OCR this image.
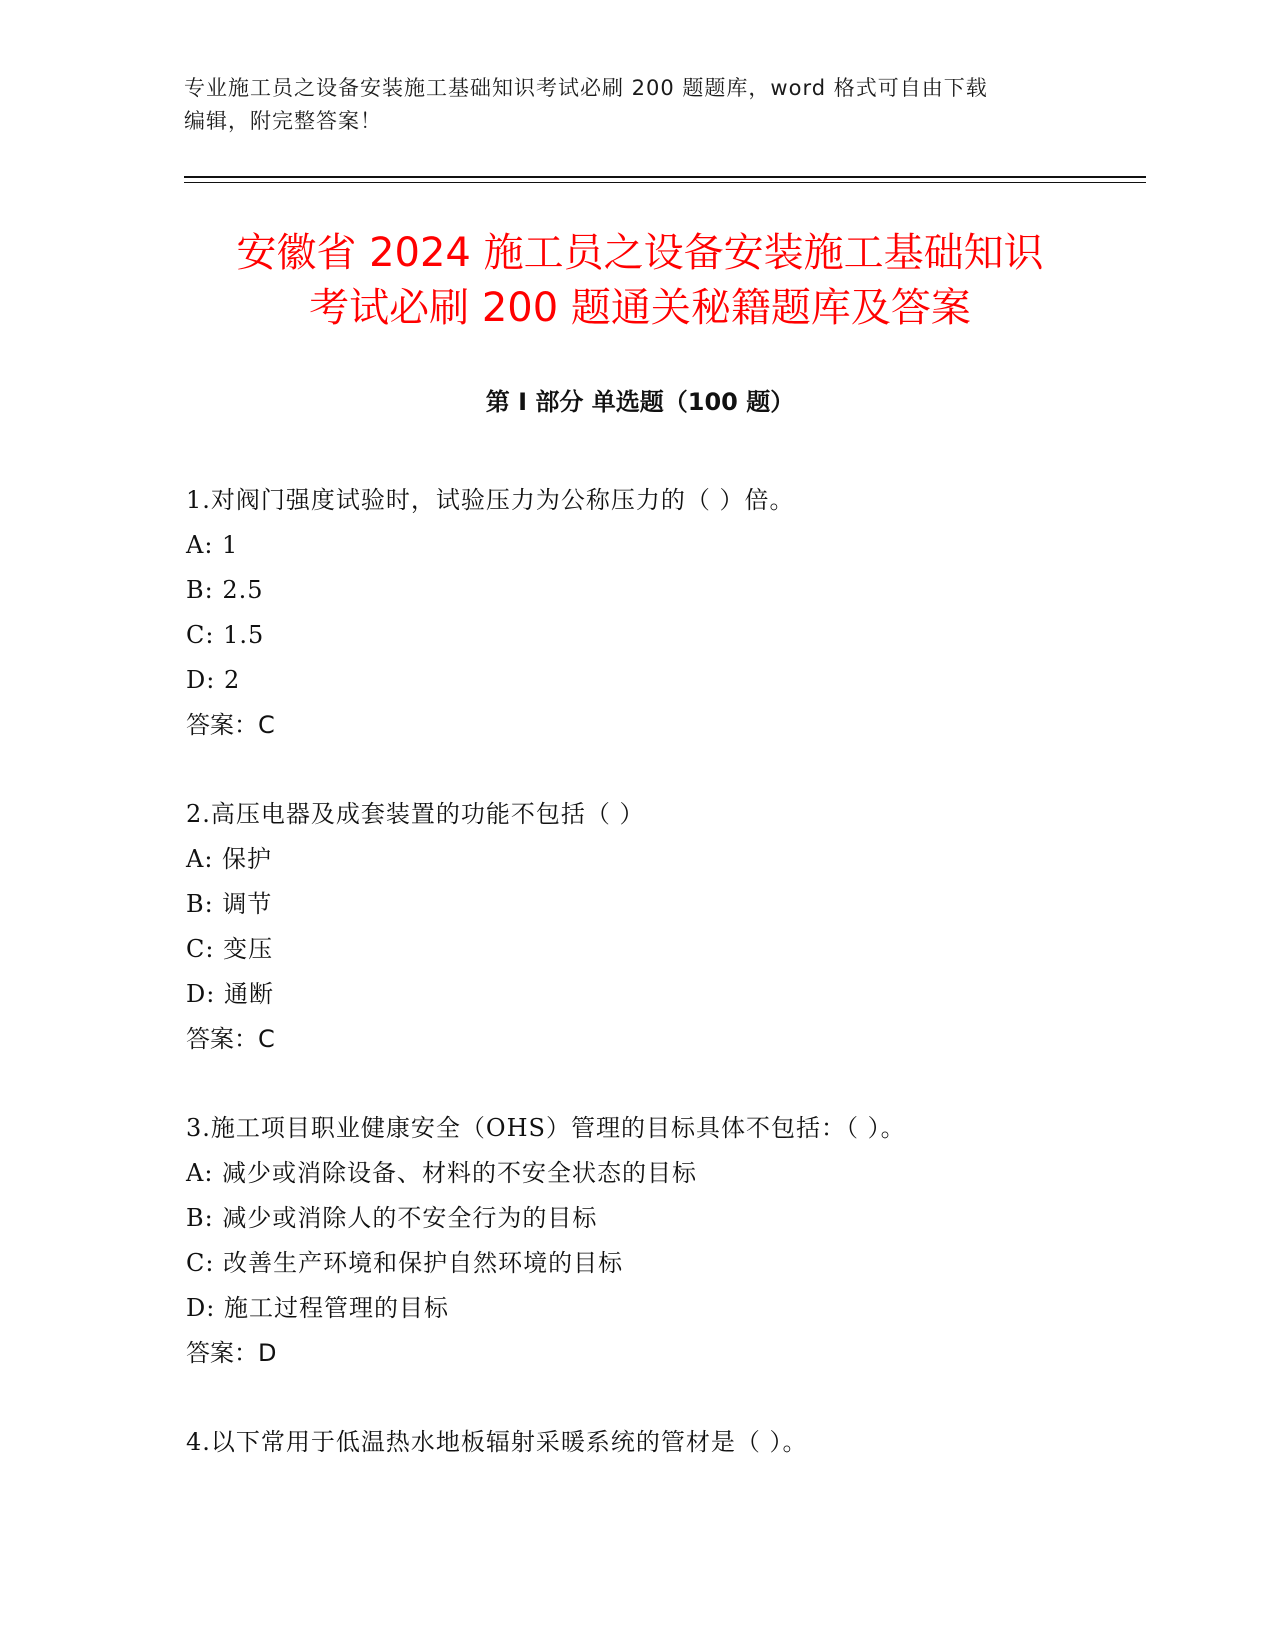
专业施工员之设备安装施工基础知识考试必刷 200 题题库，word 格式可自由下载
编辑，附完整答案！
安徽省 2024 施工员之设备安装施工基础知识
考试必刷 200 题通关秘籍题库及答案
第 I 部分 单选题（100 题）
1.对阀门强度试验时，试验压力为公称压力的（ ）倍。
A: 1
B: 2.5
C: 1.5
D: 2
答案：C
2.高压电器及成套装置的功能不包括（ ）
A: 保护
B: 调节
C: 变压
D: 通断
答案：C
3.施工项目职业健康安全（OHS）管理的目标具体不包括：（ ）。
A: 减少或消除设备、材料的不安全状态的目标
B: 减少或消除人的不安全行为的目标
C: 改善生产环境和保护自然环境的目标
D: 施工过程管理的目标
答案：D
4.以下常用于低温热水地板辐射采暖系统的管材是（ ）。
